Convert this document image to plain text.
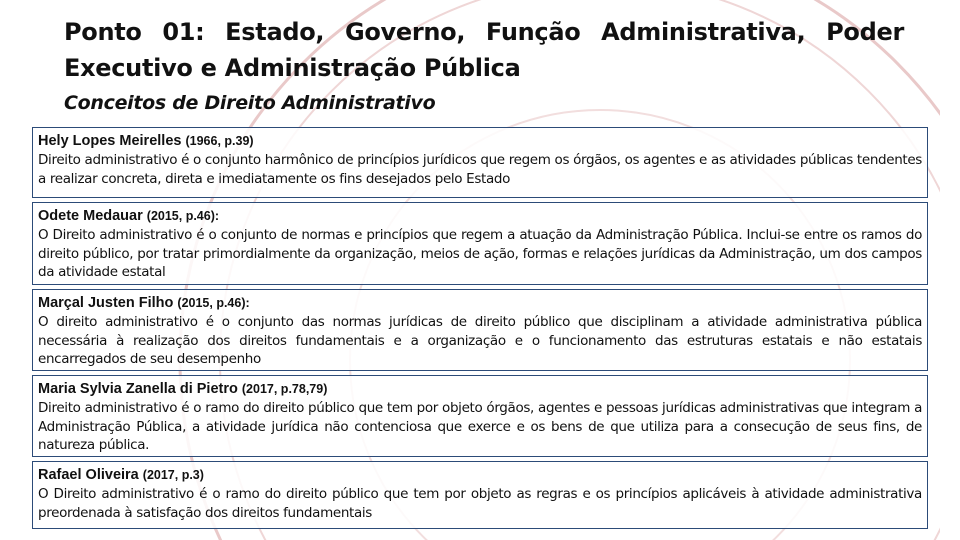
Ponto 01: Estado, Governo, Função Administrativa, Poder Executivo e Administração Pública
Conceitos de Direito Administrativo
Hely Lopes Meirelles (1966, p.39)
Direito administrativo é o conjunto harmônico de princípios jurídicos que regem os órgãos, os agentes e as atividades públicas tendentes a realizar concreta, direta e imediatamente os fins desejados pelo Estado
Odete Medauar (2015, p.46):
O Direito administrativo é o conjunto de normas e princípios que regem a atuação da Administração Pública. Inclui-se entre os ramos do direito público, por tratar primordialmente da organização, meios de ação, formas e relações jurídicas da Administração, um dos campos da atividade estatal
Marçal Justen Filho (2015, p.46):
O direito administrativo é o conjunto das normas jurídicas de direito público que disciplinam a atividade administrativa pública necessária à realização dos direitos fundamentais e a organização e o funcionamento das estruturas estatais e não estatais encarregados de seu desempenho
Maria Sylvia Zanella di Pietro (2017, p.78,79)
Direito administrativo é o ramo do direito público que tem por objeto órgãos, agentes e pessoas jurídicas administrativas que integram a Administração Pública, a atividade jurídica não contenciosa que exerce e os bens de que utiliza para a consecução de seus fins, de natureza pública.
Rafael Oliveira (2017, p.3)
O Direito administrativo é o ramo do direito público que tem por objeto as regras e os princípios aplicáveis à atividade administrativa preordenada à satisfação dos direitos fundamentais
